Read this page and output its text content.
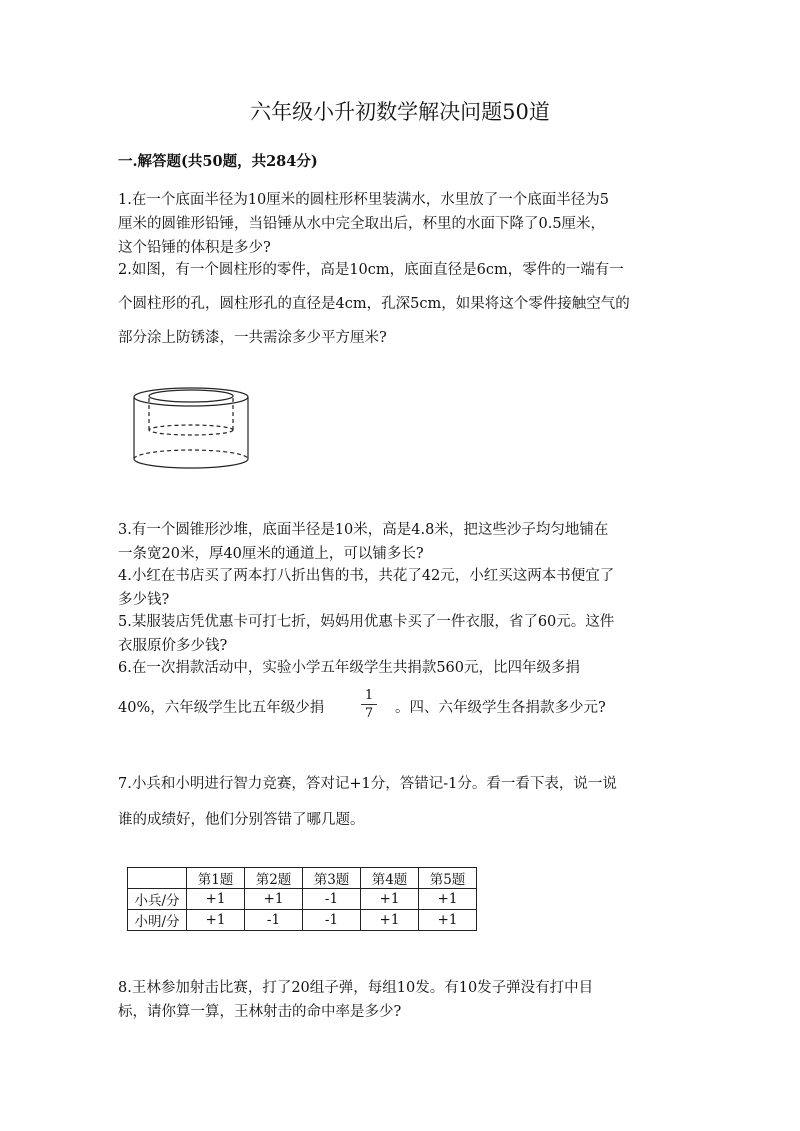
六年级小升初数学解决问题50道
一.解答题(共50题，共284分)
1.在一个底面半径为10厘米的圆柱形杯里装满水，水里放了一个底面半径为5
厘米的圆锥形铅锤，当铅锤从水中完全取出后，杯里的水面下降了0.5厘米，
这个铅锤的体积是多少?
2.如图，有一个圆柱形的零件，高是10cm，底面直径是6cm，零件的一端有一
个圆柱形的孔，圆柱形孔的直径是4cm，孔深5cm，如果将这个零件接触空气的
部分涂上防锈漆，一共需涂多少平方厘米?
3.有一个圆锥形沙堆，底面半径是10米，高是4.8米，把这些沙子均匀地铺在
一条宽20米，厚40厘米的通道上，可以铺多长?
4.小红在书店买了两本打八折出售的书，共花了42元，小红买这两本书便宜了
多少钱?
5.某服装店凭优惠卡可打七折，妈妈用优惠卡买了一件衣服，省了60元。这件
衣服原价多少钱?
6.在一次捐款活动中，实验小学五年级学生共捐款560元，比四年级多捐
40%，六年级学生比五年级少捐
1
7 。四、六年级学生各捐款多少元?
7.小兵和小明进行智力竞赛，答对记+1分，答错记-1分。看一看下表，说一说
谁的成绩好，他们分别答错了哪几题。
	第1题	第2题	第3题	第4题	第5题
小兵/分	+1	+1	-1	+1	+1
小明/分	+1	-1	-1	+1	+1
8.王林参加射击比赛，打了20组子弹，每组10发。有10发子弹没有打中目
标，请你算一算，王林射击的命中率是多少?
